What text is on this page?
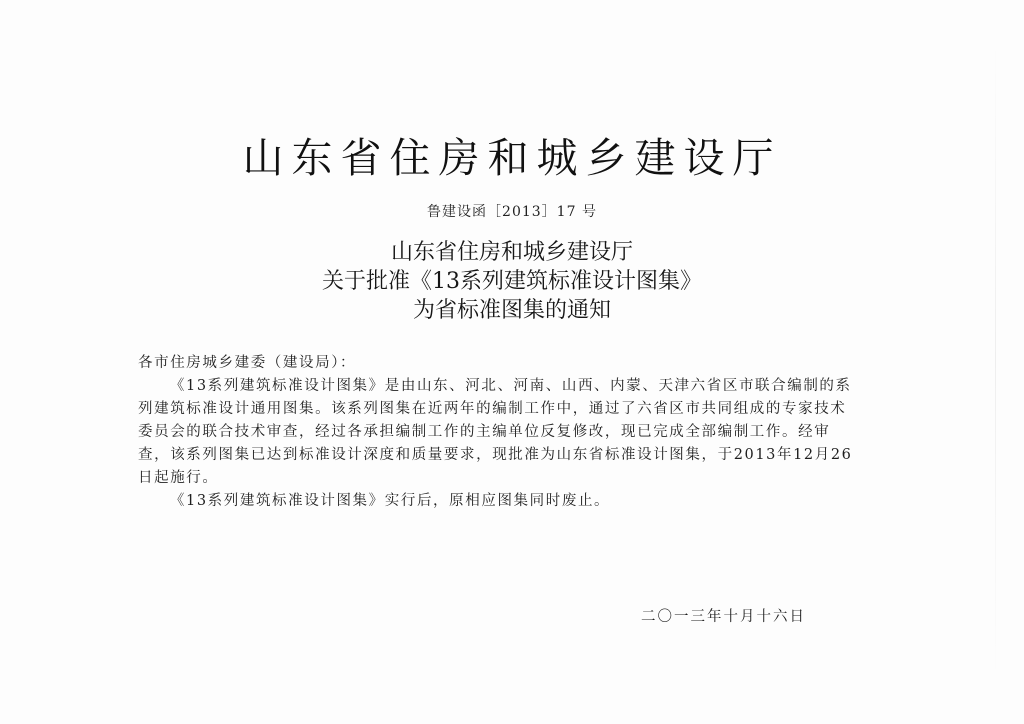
山东省住房和城乡建设厅
鲁建设函［2013］17 号
山东省住房和城乡建设厅
关于批准《13系列建筑标准设计图集》
为省标准图集的通知

各市住房城乡建委（建设局）：

《13系列建筑标准设计图集》是由山东、河北、河南、山西、内蒙、天津六省区市联合编制的系列建筑标准设计通用图集。该系列图集在近两年的编制工作中，通过了六省区市共同组成的专家技术委员会的联合技术审查，经过各承担编制工作的主编单位反复修改，现已完成全部编制工作。经审查，该系列图集已达到标准设计深度和质量要求，现批准为山东省标准设计图集，于2013年12月26日起施行。

《13系列建筑标准设计图集》实行后，原相应图集同时废止。

二〇一三年十月十六日
